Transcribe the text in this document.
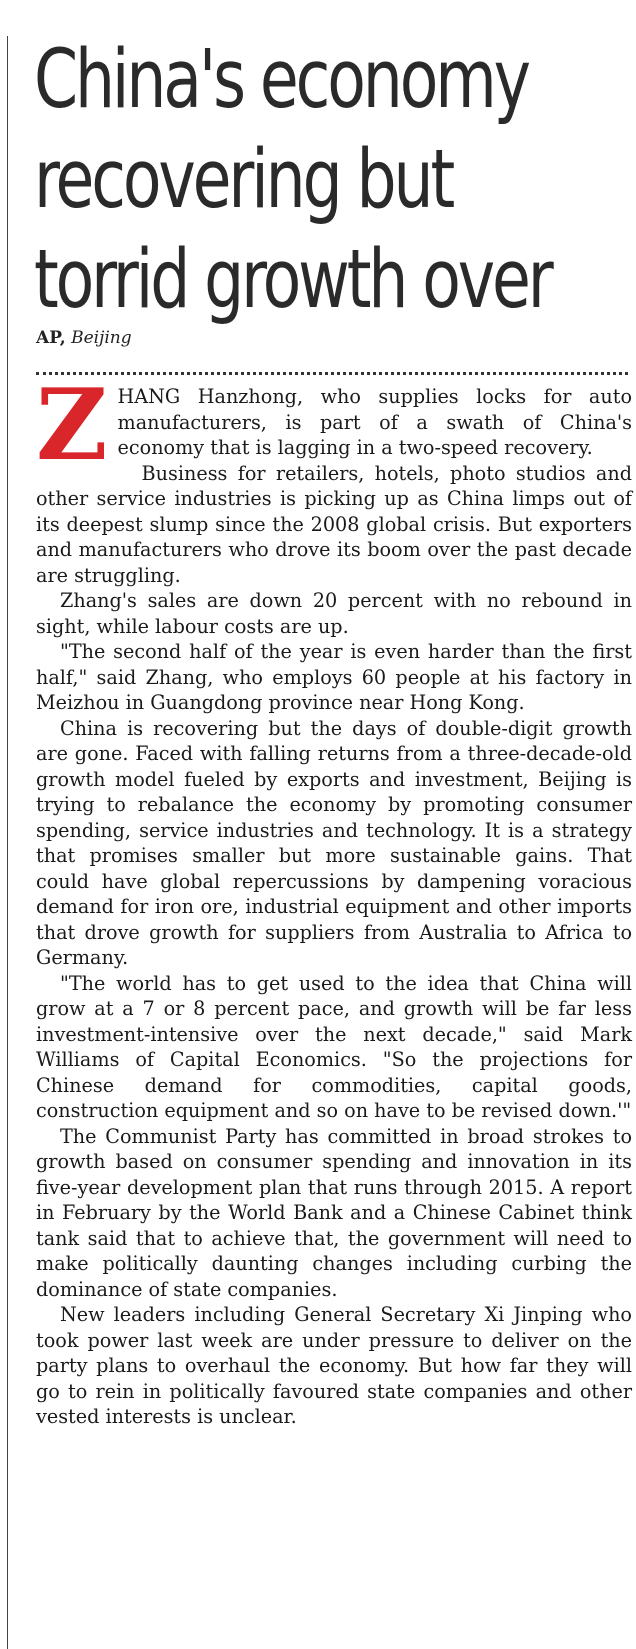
China's economy
recovering but
torrid growth over
AP, Beijing

ZHANG Hanzhong, who supplies locks for auto manufacturers, is part of a swath of China's economy that is lagging in a two-speed recovery.

Business for retailers, hotels, photo studios and other service industries is picking up as China limps out of its deepest slump since the 2008 global crisis. But exporters and manufacturers who drove its boom over the past decade are struggling.

Zhang's sales are down 20 percent with no rebound in sight, while labour costs are up.

"The second half of the year is even harder than the first half," said Zhang, who employs 60 people at his factory in Meizhou in Guangdong province near Hong Kong.

China is recovering but the days of double-digit growth are gone. Faced with falling returns from a three-decade-old growth model fueled by exports and investment, Beijing is trying to rebalance the economy by promoting consumer spending, service industries and technology. It is a strategy that promises smaller but more sustainable gains. That could have global repercussions by dampening voracious demand for iron ore, industrial equipment and other imports that drove growth for suppliers from Australia to Africa to Germany.

"The world has to get used to the idea that China will grow at a 7 or 8 percent pace, and growth will be far less investment-intensive over the next decade," said Mark Williams of Capital Economics. "So the projections for Chinese demand for commodities, capital goods, construction equipment and so on have to be revised down.'"

The Communist Party has committed in broad strokes to growth based on consumer spending and innovation in its five-year development plan that runs through 2015. A report in February by the World Bank and a Chinese Cabinet think tank said that to achieve that, the government will need to make politically daunting changes including curbing the dominance of state companies.

New leaders including General Secretary Xi Jinping who took power last week are under pressure to deliver on the party plans to overhaul the economy. But how far they will go to rein in politically favoured state companies and other vested interests is unclear.
